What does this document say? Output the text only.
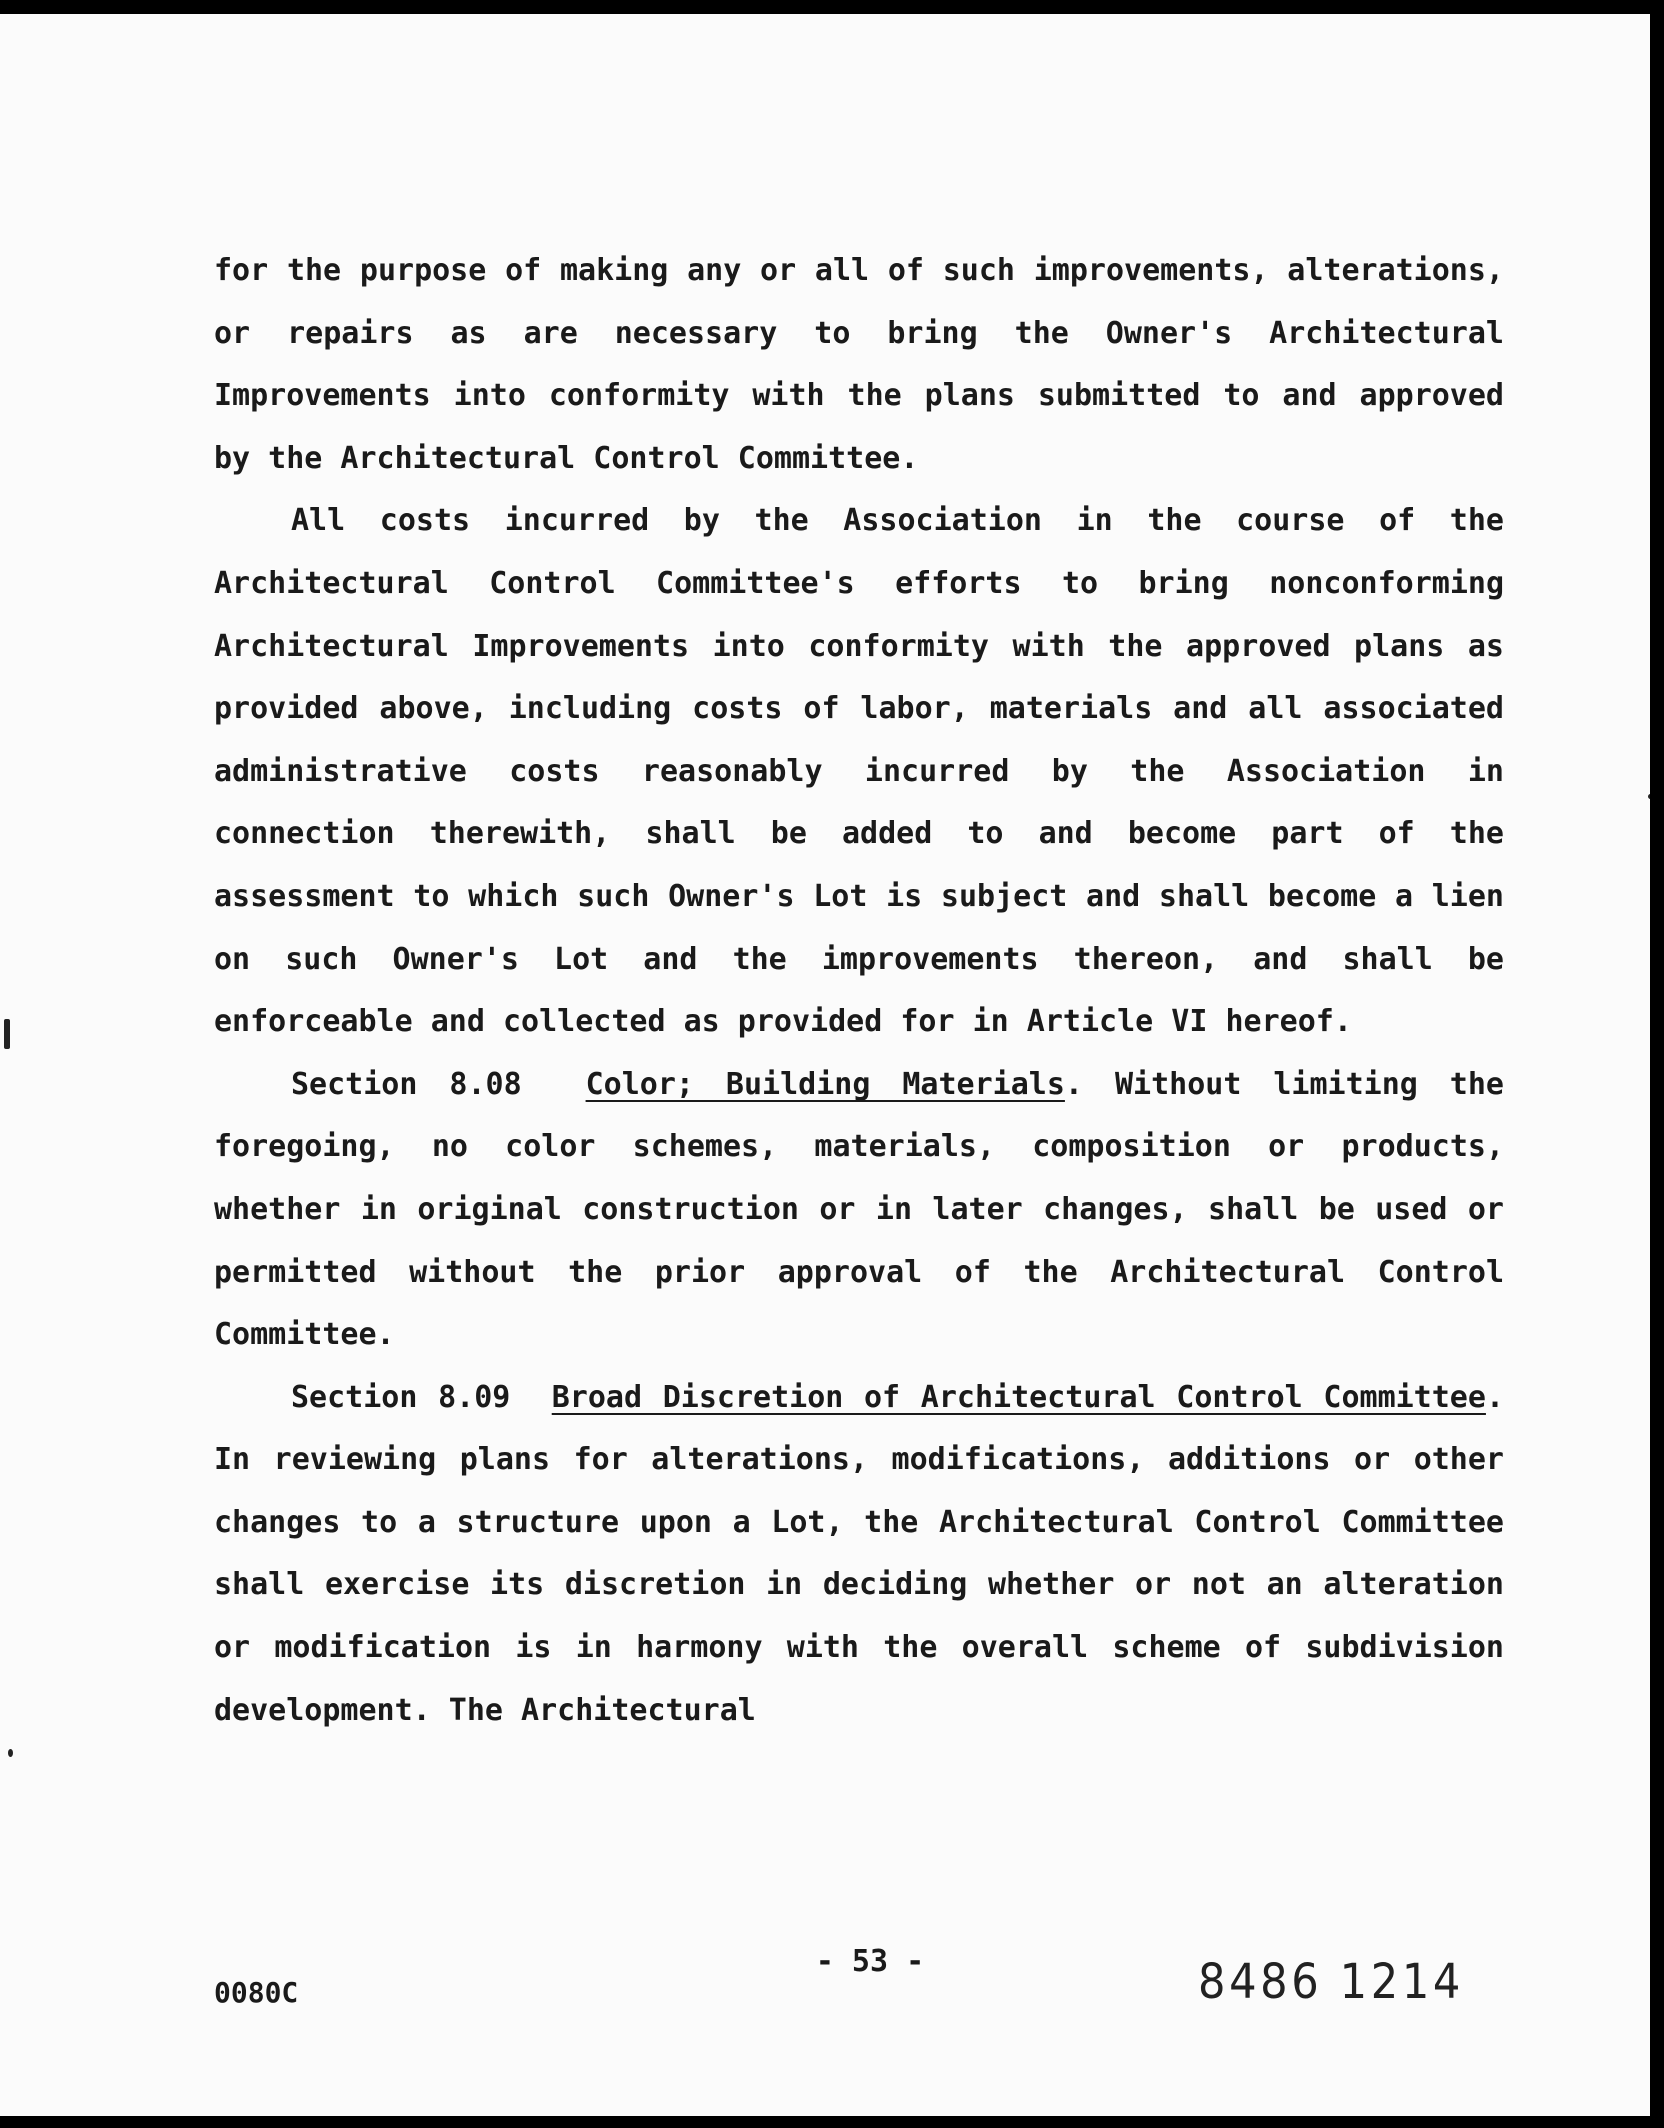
for the purpose of making any or all of such improvements, alterations, or repairs as are necessary to bring the Owner's Architectural Improvements into conformity with the plans submitted to and approved by the Architectural Control Committee.

All costs incurred by the Association in the course of the Architectural Control Committee's efforts to bring nonconforming Architectural Improvements into conformity with the approved plans as provided above, including costs of labor, materials and all associated administrative costs reasonably incurred by the Association in connection therewith, shall be added to and become part of the assessment to which such Owner's Lot is subject and shall become a lien on such Owner's Lot and the improvements thereon, and shall be enforceable and collected as provided for in Article VI hereof.

Section 8.08 Color; Building Materials. Without limiting the foregoing, no color schemes, materials, composition or products, whether in original construction or in later changes, shall be used or permitted without the prior approval of the Architectural Control Committee.

Section 8.09 Broad Discretion of Architectural Control Committee. In reviewing plans for alterations, modifications, additions or other changes to a structure upon a Lot, the Architectural Control Committee shall exercise its discretion in deciding whether or not an alteration or modification is in harmony with the overall scheme of subdivision development. The Architectural

- 53 -
0080C	8486 1214
